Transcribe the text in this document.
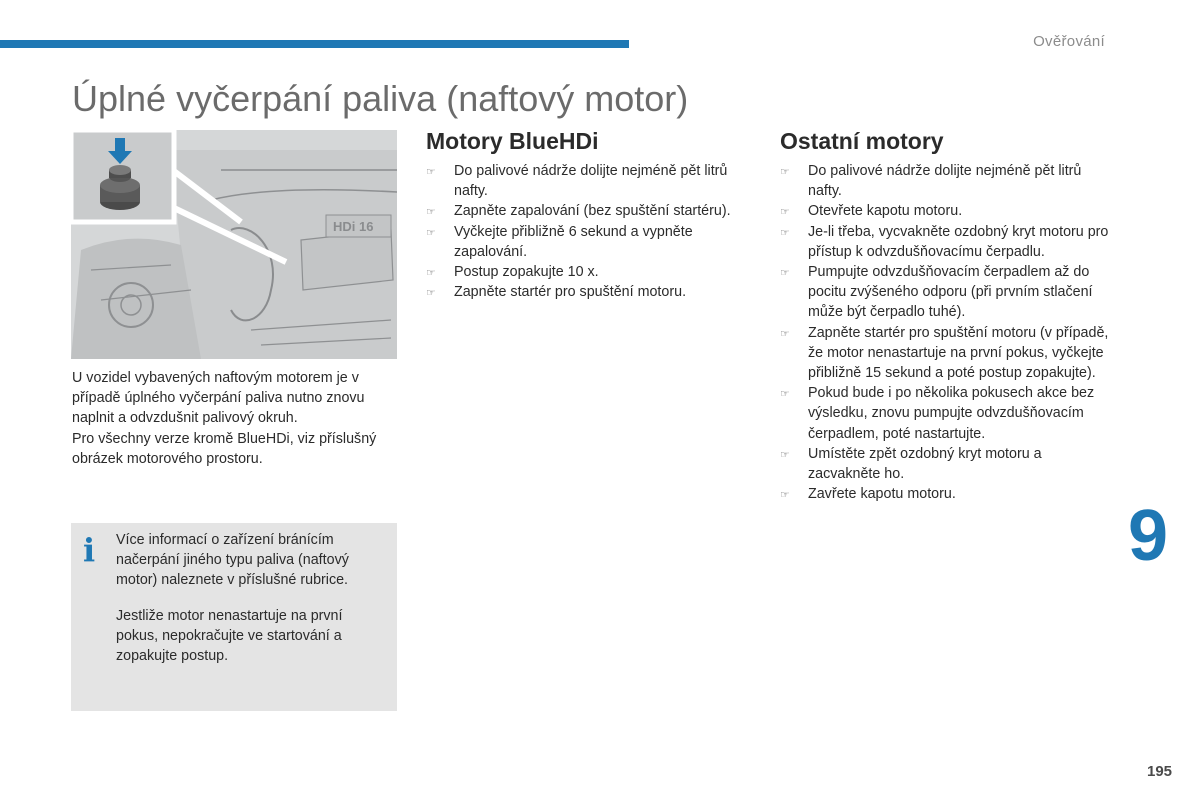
Ověřování
Úplné vyčerpání paliva (naftový motor)
HDi 16

U vozidel vybavených naftovým motorem je v případě úplného vyčerpání paliva nutno znovu naplnit a odvzdušnit palivový okruh.

Pro všechny verze kromě BlueHDi, viz příslušný obrázek motorového prostoru.

i Více informací o zařízení bránícím načerpání jiného typu paliva (naftový motor) naleznete v příslušné rubrice.

Jestliže motor nenastartuje na první pokus, nepokračujte ve startování a zopakujte postup.

Motory BlueHDi
☞ Do palivové nádrže dolijte nejméně pět litrů nafty.
☞ Zapněte zapalování (bez spuštění startéru).
☞ Vyčkejte přibližně 6 sekund a vypněte zapalování.
☞ Postup zopakujte 10 x.
☞ Zapněte startér pro spuštění motoru.
Ostatní motory
☞ Do palivové nádrže dolijte nejméně pět litrů nafty.
☞ Otevřete kapotu motoru.
☞ Je-li třeba, vycvakněte ozdobný kryt motoru pro přístup k odvzdušňovacímu čerpadlu.
☞ Pumpujte odvzdušňovacím čerpadlem až do pocitu zvýšeného odporu (při prvním stlačení může být čerpadlo tuhé).
☞ Zapněte startér pro spuštění motoru (v případě, že motor nenastartuje na první pokus, vyčkejte přibližně 15 sekund a poté postup zopakujte).
☞ Pokud bude i po několika pokusech akce bez výsledku, znovu pumpujte odvzdušňovacím čerpadlem, poté nastartujte.
☞ Umístěte zpět ozdobný kryt motoru a zacvakněte ho.
☞ Zavřete kapotu motoru.
9
195
